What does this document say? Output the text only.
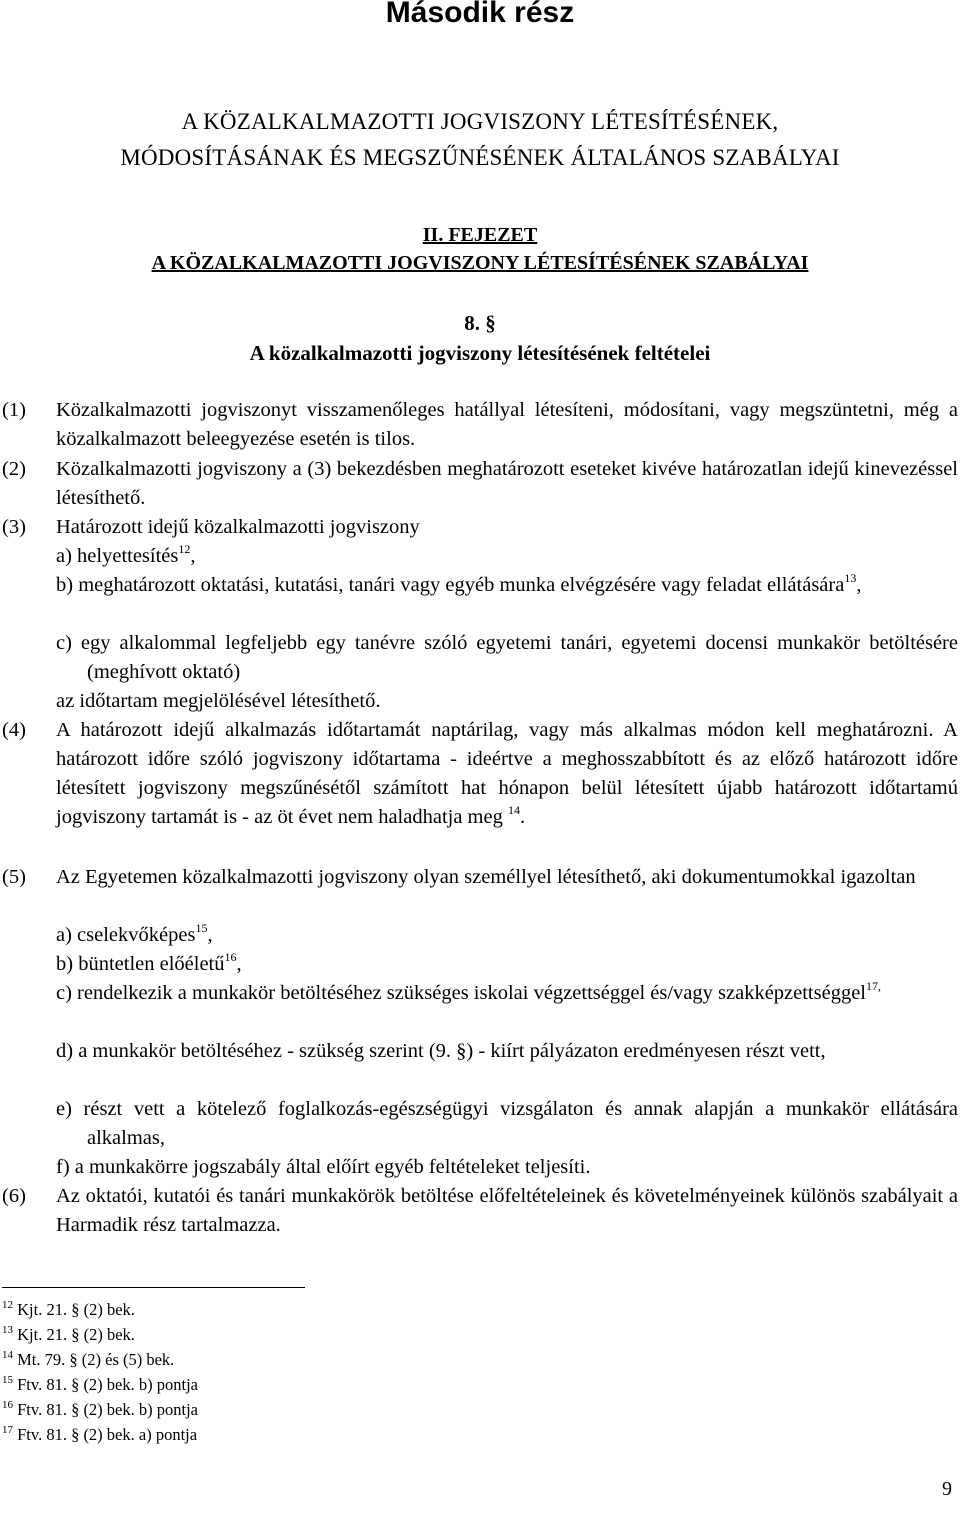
Második rész
A KÖZALKALMAZOTTI JOGVISZONY LÉTESÍTÉSÉNEK,
MÓDOSÍTÁSÁNAK ÉS MEGSZŰNÉSÉNEK ÁLTALÁNOS SZABÁLYAI
II. FEJEZET
A KÖZALKALMAZOTTI JOGVISZONY LÉTESÍTÉSÉNEK SZABÁLYAI
8. §
A közalkalmazotti jogviszony létesítésének feltételei
(1) Közalkalmazotti jogviszonyt visszamenőleges hatállyal létesíteni, módosítani, vagy megszüntetni, még a közalkalmazott beleegyezése esetén is tilos.
(2) Közalkalmazotti jogviszony a (3) bekezdésben meghatározott eseteket kivéve határozatlan idejű kinevezéssel létesíthető.
(3) Határozott idejű közalkalmazotti jogviszony
a) helyettesítés$^{12}$,
b) meghatározott oktatási, kutatási, tanári vagy egyéb munka elvégzésére vagy feladat ellátására$^{13}$,
c) egy alkalommal legfeljebb egy tanévre szóló egyetemi tanári, egyetemi docensi munkakör betöltésére (meghívott oktató)
az időtartam megjelölésével létesíthető.
(4) A határozott idejű alkalmazás időtartamát naptárilag, vagy más alkalmas módon kell meghatározni. A határozott időre szóló jogviszony időtartama - ideértve a meghosszabbított és az előző határozott időre létesített jogviszony megszűnésétől számított hat hónapon belül létesített újabb határozott időtartamú jogviszony tartamát is - az öt évet nem haladhatja meg $^{14}$.
(5) Az Egyetemen közalkalmazotti jogviszony olyan személlyel létesíthető, aki dokumentumokkal igazoltan
a) cselekvőképes$^{15}$,
b) büntetlen előéletű$^{16}$,
c) rendelkezik a munkakör betöltéséhez szükséges iskolai végzettséggel és/vagy szakképzettséggel$^{17,}$
d) a munkakör betöltéséhez - szükség szerint (9. §) - kiírt pályázaton eredményesen részt vett,
e) részt vett a kötelező foglalkozás-egészségügyi vizsgálaton és annak alapján a munkakör ellátására alkalmas,
f) a munkakörre jogszabály által előírt egyéb feltételeket teljesíti.
(6) Az oktatói, kutatói és tanári munkakörök betöltése előfeltételeinek és követelményeinek különös szabályait a Harmadik rész tartalmazza.
$^{12}$ Kjt. 21. § (2) bek.
$^{13}$ Kjt. 21. § (2) bek.
$^{14}$ Mt. 79. § (2) és (5) bek.
$^{15}$ Ftv. 81. § (2) bek. b) pontja
$^{16}$ Ftv. 81. § (2) bek. b) pontja
$^{17}$ Ftv. 81. § (2) bek. a) pontja
9
